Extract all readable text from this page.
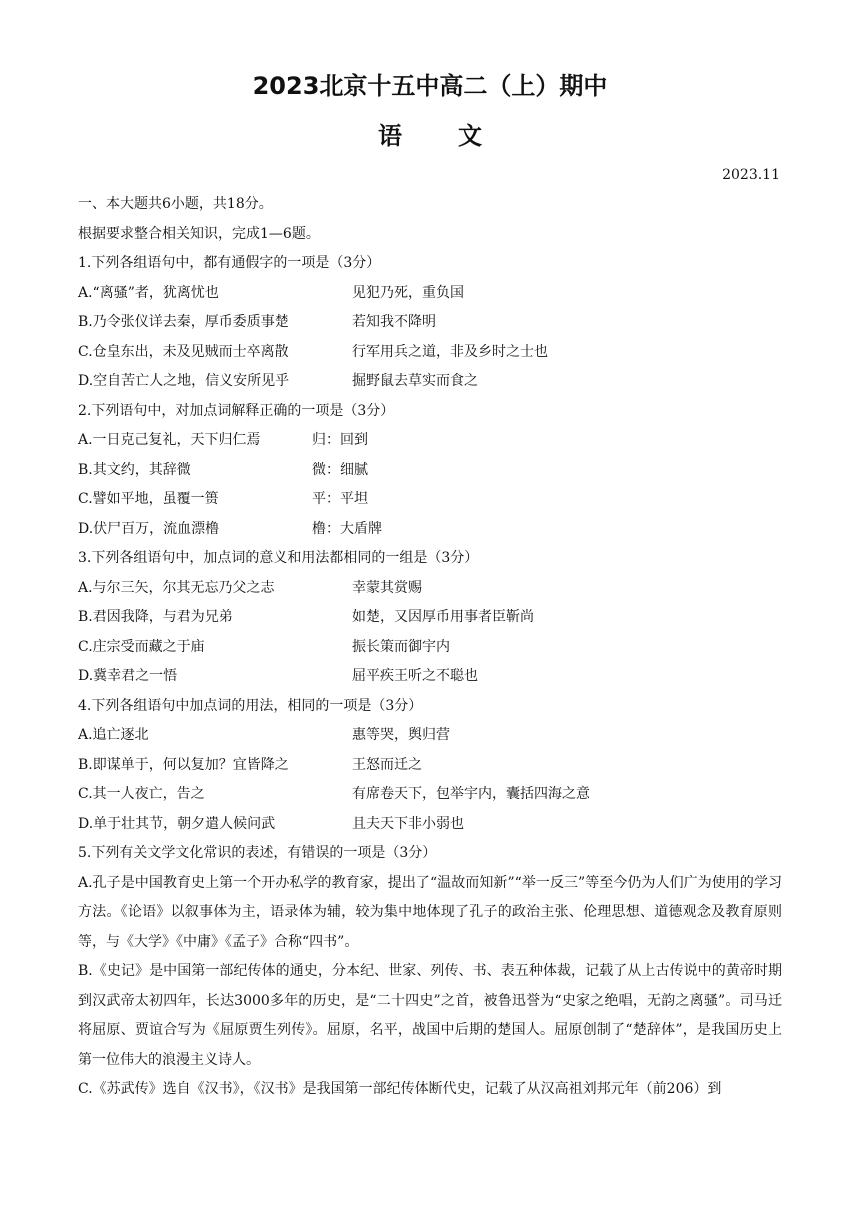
2023北京十五中高二（上）期中
语文
2023.11
一、本大题共6小题，共18分。
根据要求整合相关知识，完成1—6题。
1.下列各组语句中，都有通假字的一项是（3分）
A.“离骚”者，犹离忧也	见犯乃死，重负国
B.乃令张仪详去秦，厚币委质事楚	若知我不降明
C.仓皇东出，未及见贼而士卒离散	行军用兵之道，非及乡时之士也
D.空自苦亡人之地，信义安所见乎	掘野鼠去草实而食之
2.下列语句中，对加点词解释正确的一项是（3分）
A.一日克己复礼，天下归仁焉	归：回到
B.其文约，其辞微	微：细腻
C.譬如平地，虽覆一篑	平：平坦
D.伏尸百万，流血漂橹	橹：大盾牌
3.下列各组语句中，加点词的意义和用法都相同的一组是（3分）
A.与尔三矢，尔其无忘乃父之志	幸蒙其赏赐
B.君因我降，与君为兄弟	如楚，又因厚币用事者臣靳尚
C.庄宗受而藏之于庙	振长策而御宇内
D.冀幸君之一悟	屈平疾王听之不聪也
4.下列各组语句中加点词的用法，相同的一项是（3分）
A.追亡逐北	惠等哭，舆归营
B.即谋单于，何以复加？宜皆降之	王怒而迁之
C.其一人夜亡，告之	有席卷天下，包举宇内，囊括四海之意
D.单于壮其节，朝夕遣人候问武	且夫天下非小弱也
5.下列有关文学文化常识的表述，有错误的一项是（3分）
A.孔子是中国教育史上第一个开办私学的教育家，提出了“温故而知新”“举一反三”等至今仍为人们广为使用的学习方法。《论语》以叙事体为主，语录体为辅，较为集中地体现了孔子的政治主张、伦理思想、道德观念及教育原则等，与《大学》《中庸》《孟子》合称“四书”。
B.《史记》是中国第一部纪传体的通史，分本纪、世家、列传、书、表五种体裁，记载了从上古传说中的黄帝时期到汉武帝太初四年，长达3000多年的历史，是“二十四史”之首，被鲁迅誉为“史家之绝唱，无韵之离骚”。司马迁将屈原、贾谊合写为《屈原贾生列传》。屈原，名平，战国中后期的楚国人。屈原创制了“楚辞体”，是我国历史上第一位伟大的浪漫主义诗人。
C.《苏武传》选自《汉书》，《汉书》是我国第一部纪传体断代史，记载了从汉高祖刘邦元年（前206）到
